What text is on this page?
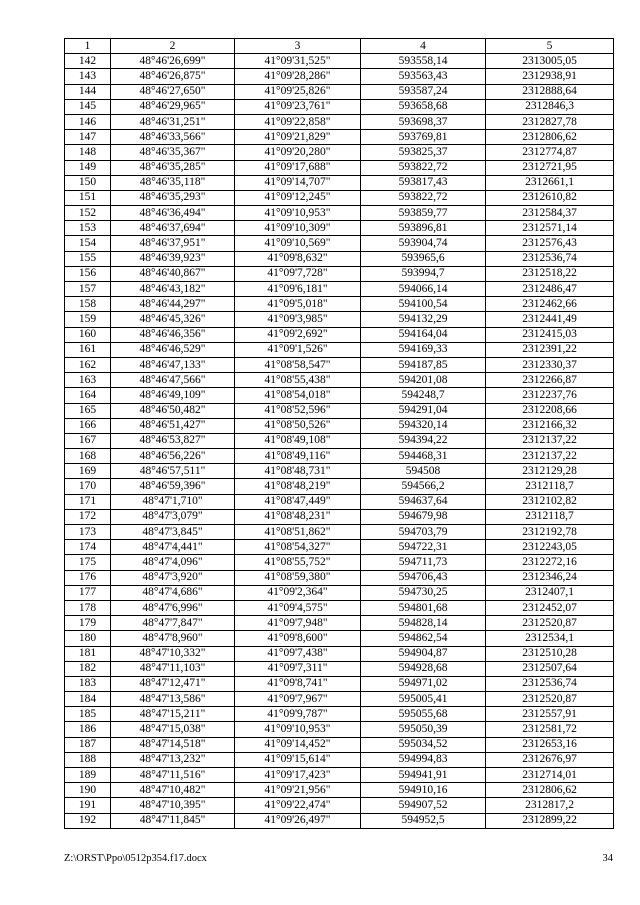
1	2	3	4	5
142	48°46'26,699"	41°09'31,525"	593558,14	2313005,05
143	48°46'26,875"	41°09'28,286"	593563,43	2312938,91
144	48°46'27,650"	41°09'25,826"	593587,24	2312888,64
145	48°46'29,965"	41°09'23,761"	593658,68	2312846,3
146	48°46'31,251"	41°09'22,858"	593698,37	2312827,78
147	48°46'33,566"	41°09'21,829"	593769,81	2312806,62
148	48°46'35,367"	41°09'20,280"	593825,37	2312774,87
149	48°46'35,285"	41°09'17,688"	593822,72	2312721,95
150	48°46'35,118"	41°09'14,707"	593817,43	2312661,1
151	48°46'35,293"	41°09'12,245"	593822,72	2312610,82
152	48°46'36,494"	41°09'10,953"	593859,77	2312584,37
153	48°46'37,694"	41°09'10,309"	593896,81	2312571,14
154	48°46'37,951"	41°09'10,569"	593904,74	2312576,43
155	48°46'39,923"	41°09'8,632"	593965,6	2312536,74
156	48°46'40,867"	41°09'7,728"	593994,7	2312518,22
157	48°46'43,182"	41°09'6,181"	594066,14	2312486,47
158	48°46'44,297"	41°09'5,018"	594100,54	2312462,66
159	48°46'45,326"	41°09'3,985"	594132,29	2312441,49
160	48°46'46,356"	41°09'2,692"	594164,04	2312415,03
161	48°46'46,529"	41°09'1,526"	594169,33	2312391,22
162	48°46'47,133"	41°08'58,547"	594187,85	2312330,37
163	48°46'47,566"	41°08'55,438"	594201,08	2312266,87
164	48°46'49,109"	41°08'54,018"	594248,7	2312237,76
165	48°46'50,482"	41°08'52,596"	594291,04	2312208,66
166	48°46'51,427"	41°08'50,526"	594320,14	2312166,32
167	48°46'53,827"	41°08'49,108"	594394,22	2312137,22
168	48°46'56,226"	41°08'49,116"	594468,31	2312137,22
169	48°46'57,511"	41°08'48,731"	594508	2312129,28
170	48°46'59,396"	41°08'48,219"	594566,2	2312118,7
171	48°47'1,710"	41°08'47,449"	594637,64	2312102,82
172	48°47'3,079"	41°08'48,231"	594679,98	2312118,7
173	48°47'3,845"	41°08'51,862"	594703,79	2312192,78
174	48°47'4,441"	41°08'54,327"	594722,31	2312243,05
175	48°47'4,096"	41°08'55,752"	594711,73	2312272,16
176	48°47'3,920"	41°08'59,380"	594706,43	2312346,24
177	48°47'4,686"	41°09'2,364"	594730,25	2312407,1
178	48°47'6,996"	41°09'4,575"	594801,68	2312452,07
179	48°47'7,847"	41°09'7,948"	594828,14	2312520,87
180	48°47'8,960"	41°09'8,600"	594862,54	2312534,1
181	48°47'10,332"	41°09'7,438"	594904,87	2312510,28
182	48°47'11,103"	41°09'7,311"	594928,68	2312507,64
183	48°47'12,471"	41°09'8,741"	594971,02	2312536,74
184	48°47'13,586"	41°09'7,967"	595005,41	2312520,87
185	48°47'15,211"	41°09'9,787"	595055,68	2312557,91
186	48°47'15,038"	41°09'10,953"	595050,39	2312581,72
187	48°47'14,518"	41°09'14,452"	595034,52	2312653,16
188	48°47'13,232"	41°09'15,614"	594994,83	2312676,97
189	48°47'11,516"	41°09'17,423"	594941,91	2312714,01
190	48°47'10,482"	41°09'21,956"	594910,16	2312806,62
191	48°47'10,395"	41°09'22,474"	594907,52	2312817,2
192	48°47'11,845"	41°09'26,497"	594952,5	2312899,22
Z:\ORST\Ppo\0512p354.f17.docx	34
